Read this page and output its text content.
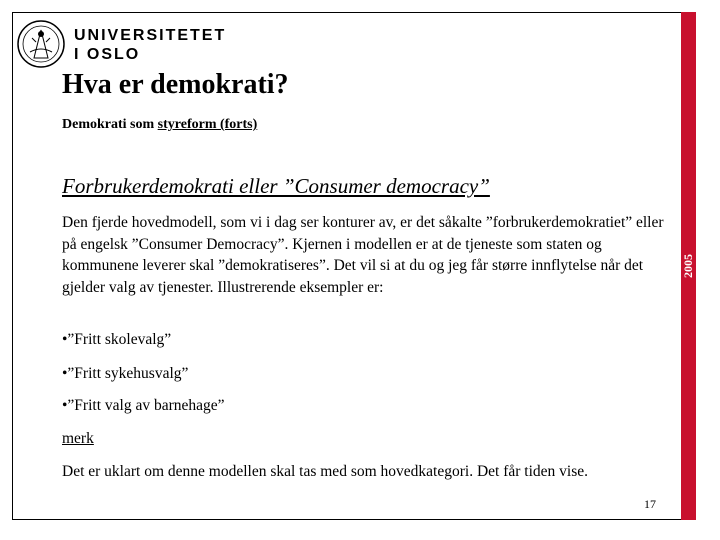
2005
UNIVERSITETET
I OSLO
Hva er demokrati?
Demokrati som styreform (forts)
Forbrukerdemokrati eller ”Consumer democracy”

Den fjerde hovedmodell, som vi i dag ser konturer av, er det såkalte ”forbrukerdemokratiet” eller på engelsk ”Consumer Democracy”. Kjernen i modellen er at de tjeneste som staten og kommunene leverer skal ”demokratiseres”. Det vil si at du og jeg får større innflytelse når det gjelder valg av tjenester. Illustrerende eksempler er:

•”Fritt skolevalg”
•”Fritt sykehusvalg”
•”Fritt valg av barnehage”
merk
Det er uklart om denne modellen skal tas med som hovedkategori. Det får tiden vise.
17
